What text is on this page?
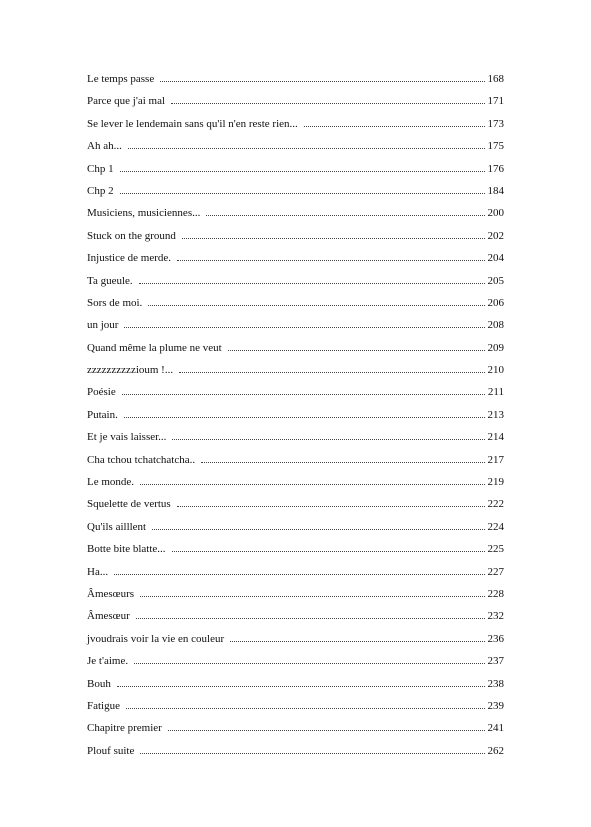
Le temps passe	168
Parce que j'ai mal	171
Se lever le lendemain sans qu'il n'en reste rien...	173
Ah ah...	175
Chp 1	176
Chp 2	184
Musiciens, musiciennes...	200
Stuck on the ground	202
Injustice de merde.	204
Ta gueule.	205
Sors de moi.	206
un jour	208
Quand même la plume ne veut	209
zzzzzzzzzzioum !...	210
Poésie	211
Putain.	213
Et je vais laisser...	214
Cha tchou tchatchatcha..	217
Le monde.	219
Squelette de vertus	222
Qu'ils ailllent	224
Botte bite blatte...	225
Ha...	227
Âmesœurs	228
Âmesœur	232
jvoudrais voir la vie en couleur	236
Je t'aime.	237
Bouh	238
Fatigue	239
Chapitre premier	241
Plouf suite	262
